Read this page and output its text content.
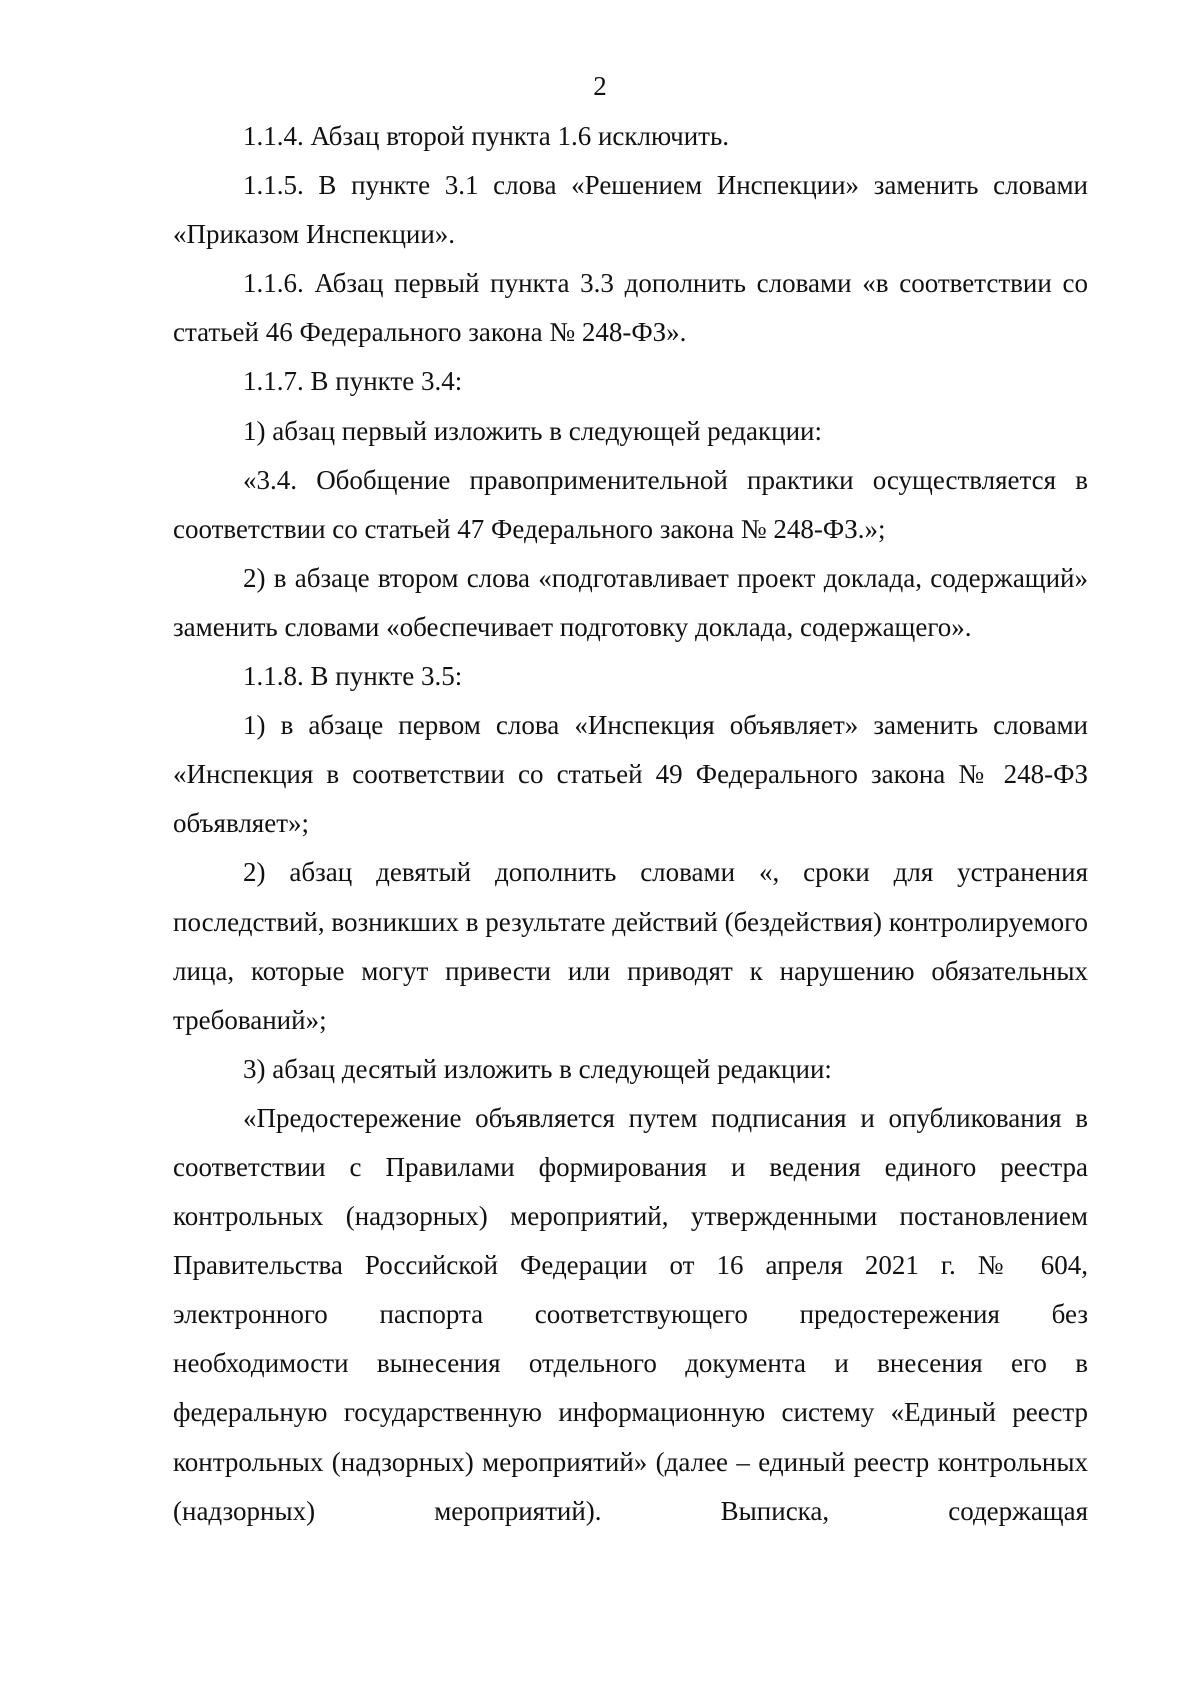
2

1.1.4. Абзац второй пункта 1.6 исключить.

1.1.5. В пункте 3.1 слова «Решением Инспекции» заменить словами «Приказом Инспекции».

1.1.6. Абзац первый пункта 3.3 дополнить словами «в соответствии со статьей 46 Федерального закона № 248-ФЗ».

1.1.7. В пункте 3.4:

1) абзац первый изложить в следующей редакции:

«3.4. Обобщение правоприменительной практики осуществляется в соответствии со статьей 47 Федерального закона № 248-ФЗ.»;

2) в абзаце втором слова «подготавливает проект доклада, содержащий» заменить словами «обеспечивает подготовку доклада, содержащего».

1.1.8. В пункте 3.5:

1) в абзаце первом слова «Инспекция объявляет» заменить словами «Инспекция в соответствии со статьей 49 Федерального закона № 248-ФЗ объявляет»;

2) абзац девятый дополнить словами «, сроки для устранения последствий, возникших в результате действий (бездействия) контролируемого лица, которые могут привести или приводят к нарушению обязательных требований»;

3) абзац десятый изложить в следующей редакции:

«Предостережение объявляется путем подписания и опубликования в соответствии с Правилами формирования и ведения единого реестра контрольных (надзорных) мероприятий, утвержденными постановлением Правительства Российской Федерации от 16 апреля 2021 г. № 604, электронного паспорта соответствующего предостережения без необходимости вынесения отдельного документа и внесения его в федеральную государственную информационную систему «Единый реестр контрольных (надзорных) мероприятий» (далее – единый реестр контрольных (надзорных) мероприятий). Выписка, содержащая
